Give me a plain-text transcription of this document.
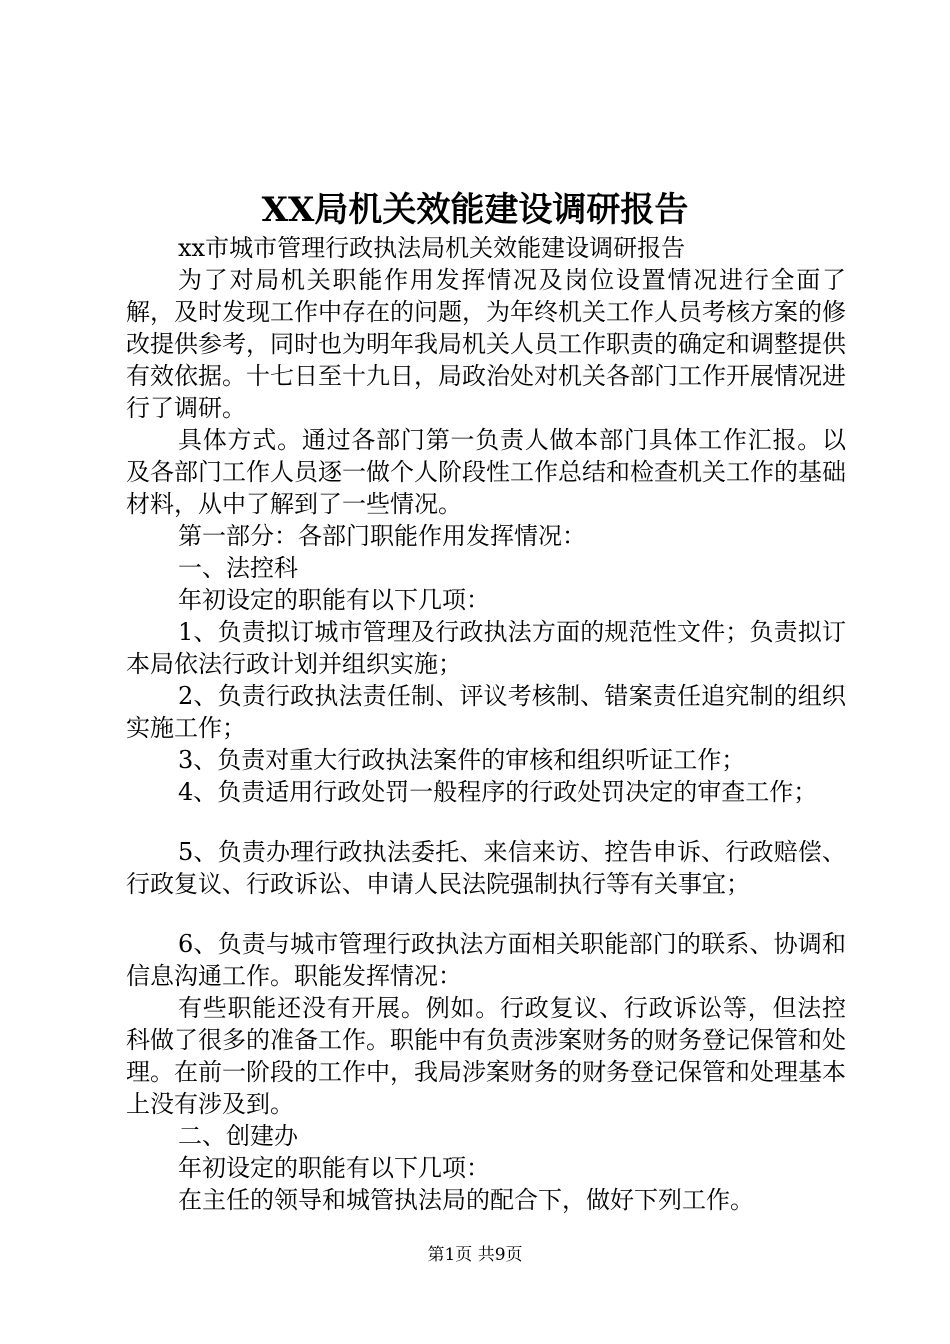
XX局机关效能建设调研报告

xx市城市管理行政执法局机关效能建设调研报告

为了对局机关职能作用发挥情况及岗位设置情况进行全面了解，及时发现工作中存在的问题，为年终机关工作人员考核方案的修改提供参考，同时也为明年我局机关人员工作职责的确定和调整提供有效依据。十七日至十九日，局政治处对机关各部门工作开展情况进行了调研。

具体方式。通过各部门第一负责人做本部门具体工作汇报。以及各部门工作人员逐一做个人阶段性工作总结和检查机关工作的基础材料，从中了解到了一些情况。

第一部分：各部门职能作用发挥情况：

一、法控科

年初设定的职能有以下几项：

1、负责拟订城市管理及行政执法方面的规范性文件；负责拟订本局依法行政计划并组织实施；

2、负责行政执法责任制、评议考核制、错案责任追究制的组织实施工作；

3、负责对重大行政执法案件的审核和组织听证工作；

4、负责适用行政处罚一般程序的行政处罚决定的审查工作；

5、负责办理行政执法委托、来信来访、控告申诉、行政赔偿、行政复议、行政诉讼、申请人民法院强制执行等有关事宜；

6、负责与城市管理行政执法方面相关职能部门的联系、协调和信息沟通工作。职能发挥情况：

有些职能还没有开展。例如。行政复议、行政诉讼等，但法控科做了很多的准备工作。职能中有负责涉案财务的财务登记保管和处理。在前一阶段的工作中，我局涉案财务的财务登记保管和处理基本上没有涉及到。

二、创建办

年初设定的职能有以下几项：

在主任的领导和城管执法局的配合下，做好下列工作。

第1页 共9页
